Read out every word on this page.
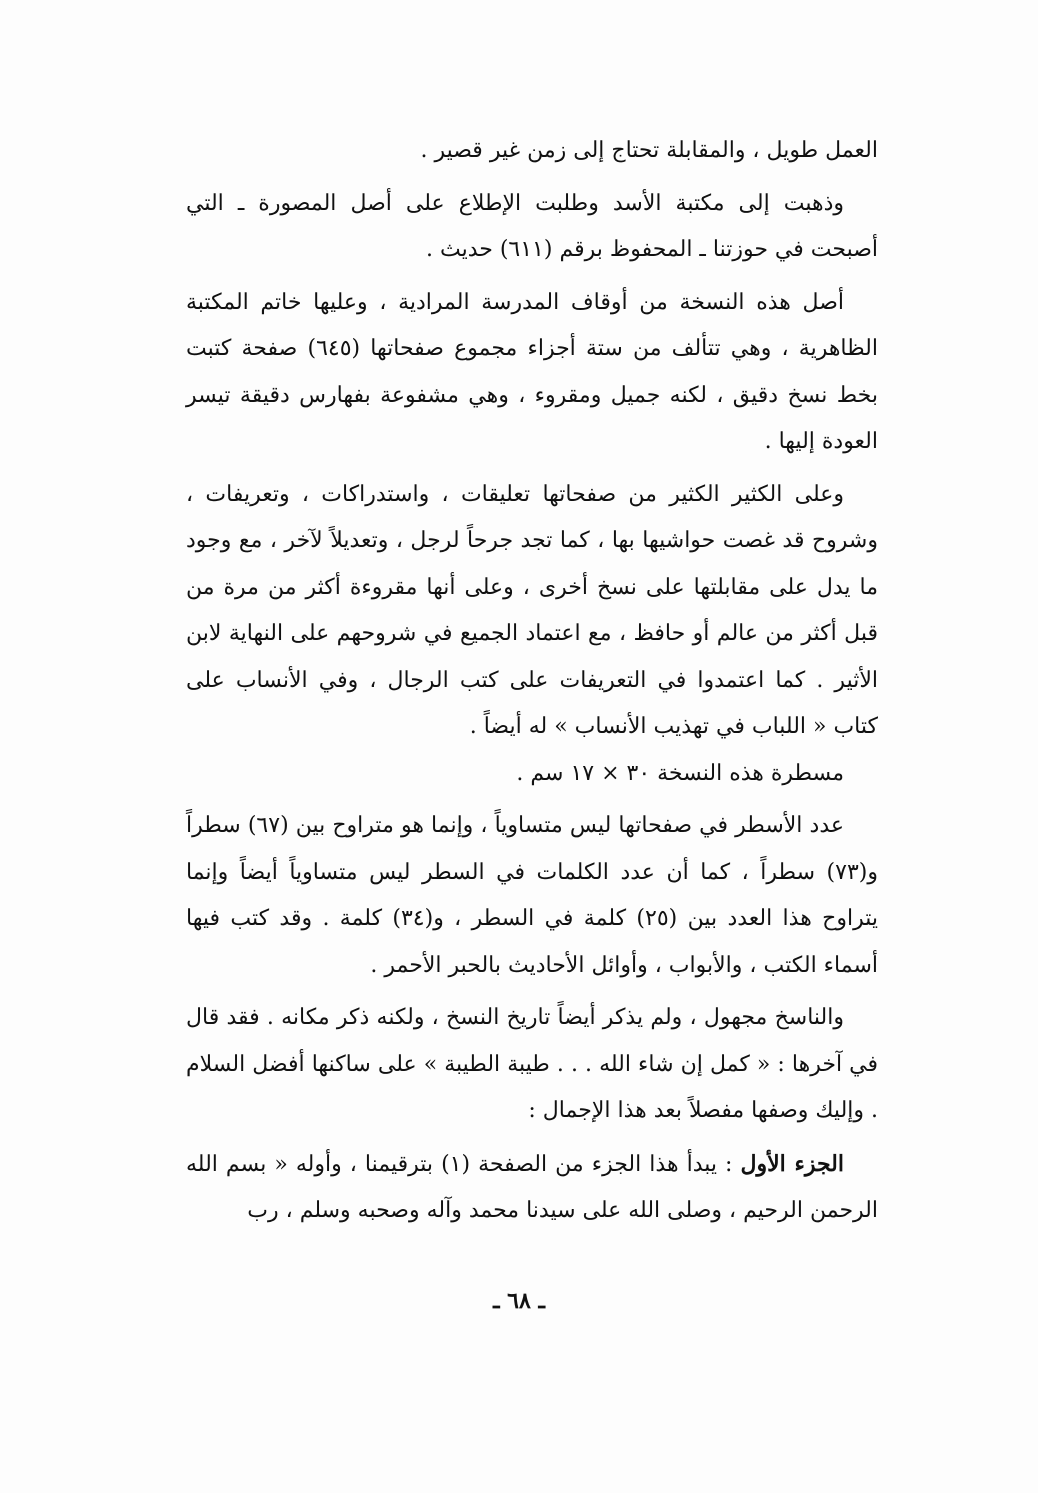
العمل طويل ، والمقابلة تحتاج إلى زمن غير قصير .

وذهبت إلى مكتبة الأسد وطلبت الإطلاع على أصل المصورة ـ التي أصبحت في حوزتنا ـ المحفوظ برقم (٦١١) حديث .

أصل هذه النسخة من أوقاف المدرسة المرادية ، وعليها خاتم المكتبة الظاهرية ، وهي تتألف من ستة أجزاء مجموع صفحاتها (٦٤٥) صفحة كتبت بخط نسخ دقيق ، لكنه جميل ومقروء ، وهي مشفوعة بفهارس دقيقة تيسر العودة إليها .

وعلى الكثير الكثير من صفحاتها تعليقات ، واستدراكات ، وتعريفات ، وشروح قد غصت حواشيها بها ، كما تجد جرحاً لرجل ، وتعديلاً لآخر ، مع وجود ما يدل على مقابلتها على نسخ أخرى ، وعلى أنها مقروءة أكثر من مرة من قبل أكثر من عالم أو حافظ ، مع اعتماد الجميع في شروحهم على النهاية لابن الأثير . كما اعتمدوا في التعريفات على كتب الرجال ، وفي الأنساب على كتاب « اللباب في تهذيب الأنساب » له أيضاً .

مسطرة هذه النسخة ٣٠ × ١٧ سم .

عدد الأسطر في صفحاتها ليس متساوياً ، وإنما هو متراوح بين (٦٧) سطراً و(٧٣) سطراً ، كما أن عدد الكلمات في السطر ليس متساوياً أيضاً وإنما يتراوح هذا العدد بين (٢٥) كلمة في السطر ، و(٣٤) كلمة . وقد كتب فيها أسماء الكتب ، والأبواب ، وأوائل الأحاديث بالحبر الأحمر .

والناسخ مجهول ، ولم يذكر أيضاً تاريخ النسخ ، ولكنه ذكر مكانه . فقد قال في آخرها : « كمل إن شاء الله . . . طيبة الطيبة » على ساكنها أفضل السلام . وإليك وصفها مفصلاً بعد هذا الإجمال :

الجزء الأول : يبدأ هذا الجزء من الصفحة (١) بترقيمنا ، وأوله « بسم الله الرحمن الرحيم ، وصلى الله على سيدنا محمد وآله وصحبه وسلم ، رب

ـ ٦٨ ـ
